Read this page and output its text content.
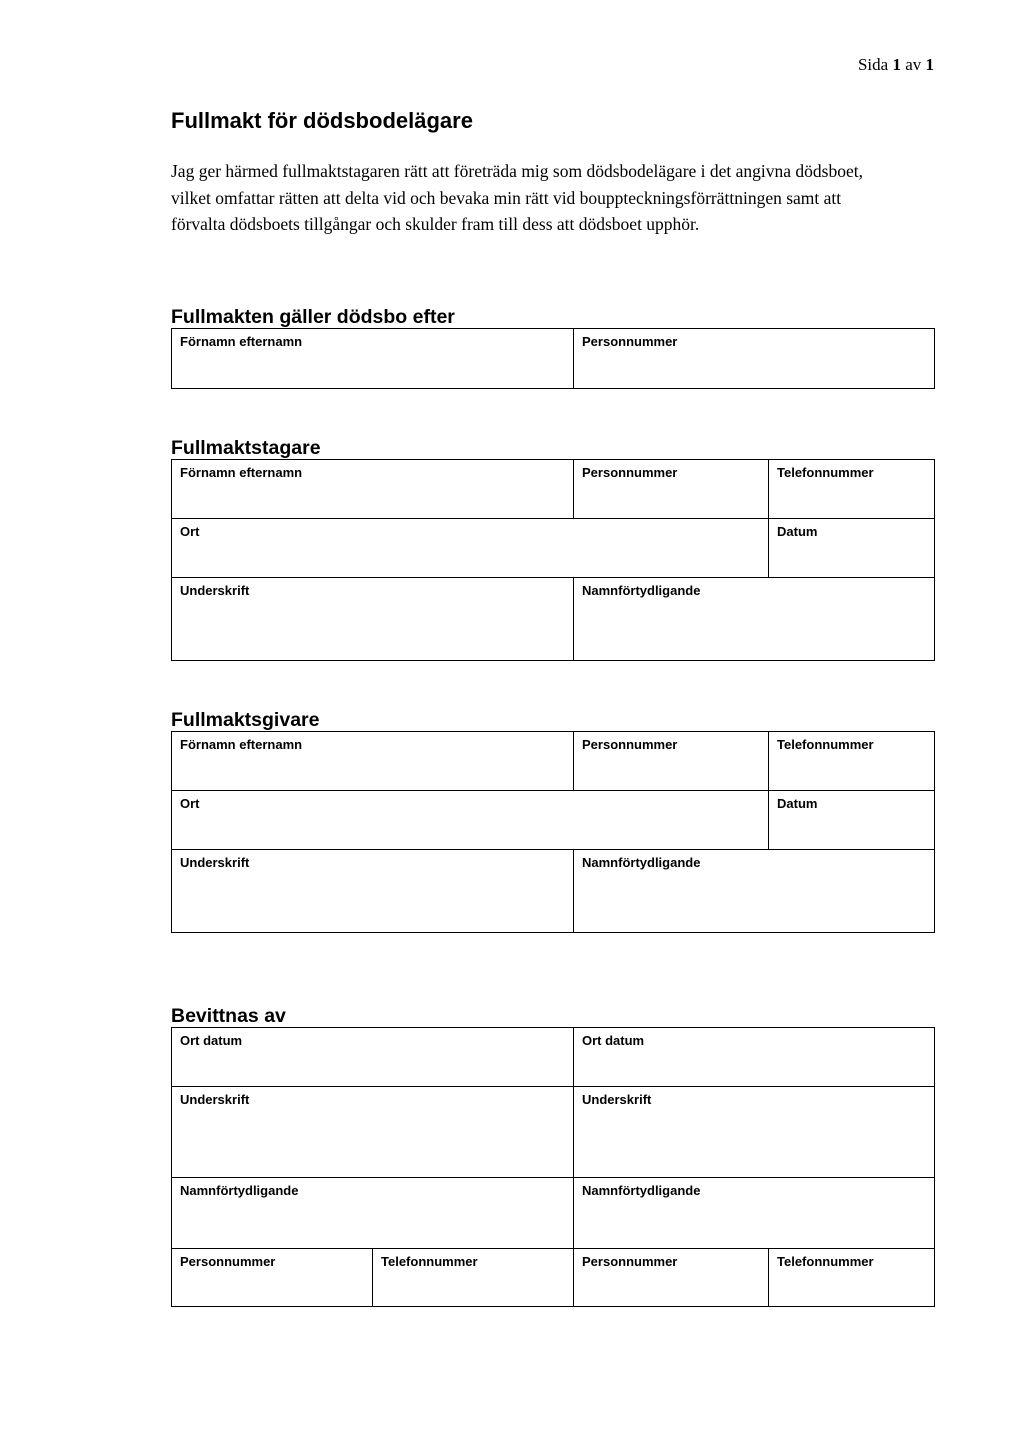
Sida 1 av 1
Fullmakt för dödsbodelägare

Jag ger härmed fullmaktstagaren rätt att företräda mig som dödsbodelägare i det angivna dödsboet, vilket omfattar rätten att delta vid och bevaka min rätt vid bouppteckningsförrättningen samt att förvalta dödsboets tillgångar och skulder fram till dess att dödsboet upphör.

Fullmakten gäller dödsbo efter
Förnamn efternamn	Personnummer
Fullmaktstagare
Förnamn efternamn	Personnummer	Telefonnummer
Ort		Datum
Underskrift	Namnförtydligande	
Fullmaktsgivare
Förnamn efternamn	Personnummer	Telefonnummer
Ort		Datum
Underskrift	Namnförtydligande	
Bevittnas av
Ort datum		Ort datum	
Underskrift		Underskrift	
Namnförtydligande		Namnförtydligande	
Personnummer	Telefonnummer	Personnummer	Telefonnummer
